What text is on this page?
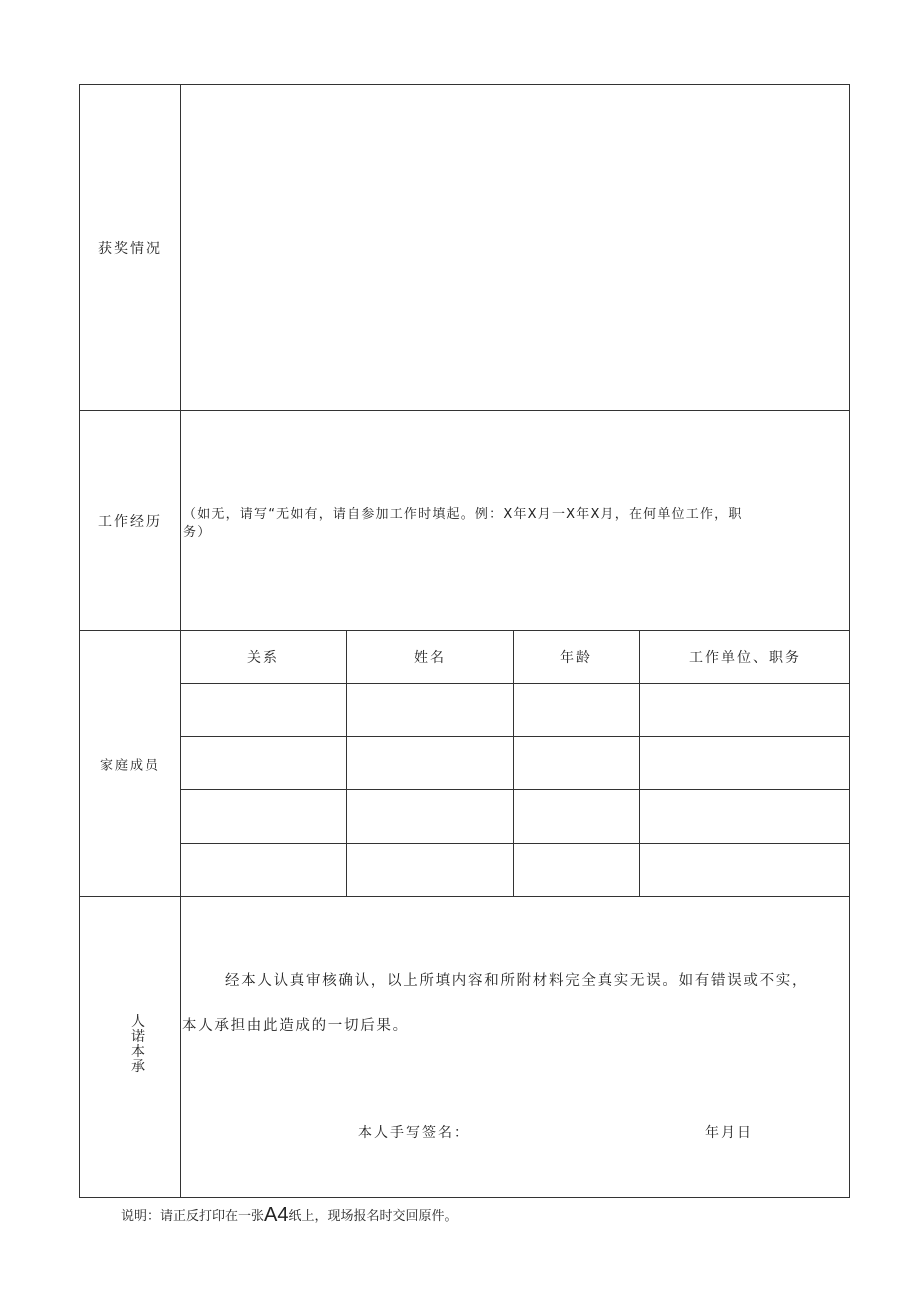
获奖情况
工作经历 （如无，请写“无如有，请自参加工作时填起。例：X年X月一X年X月，在何单位工作，职
务）
家庭成员
关系	姓名	年龄	工作单位、职务
人
诺
本
承
经本人认真审核确认，以上所填内容和所附材料完全真实无误。如有错误或不实，
本人承担由此造成的一切后果。
本人手写签名：	年月日
说明：请正反打印在一张A4纸上，现场报名时交回原件。
